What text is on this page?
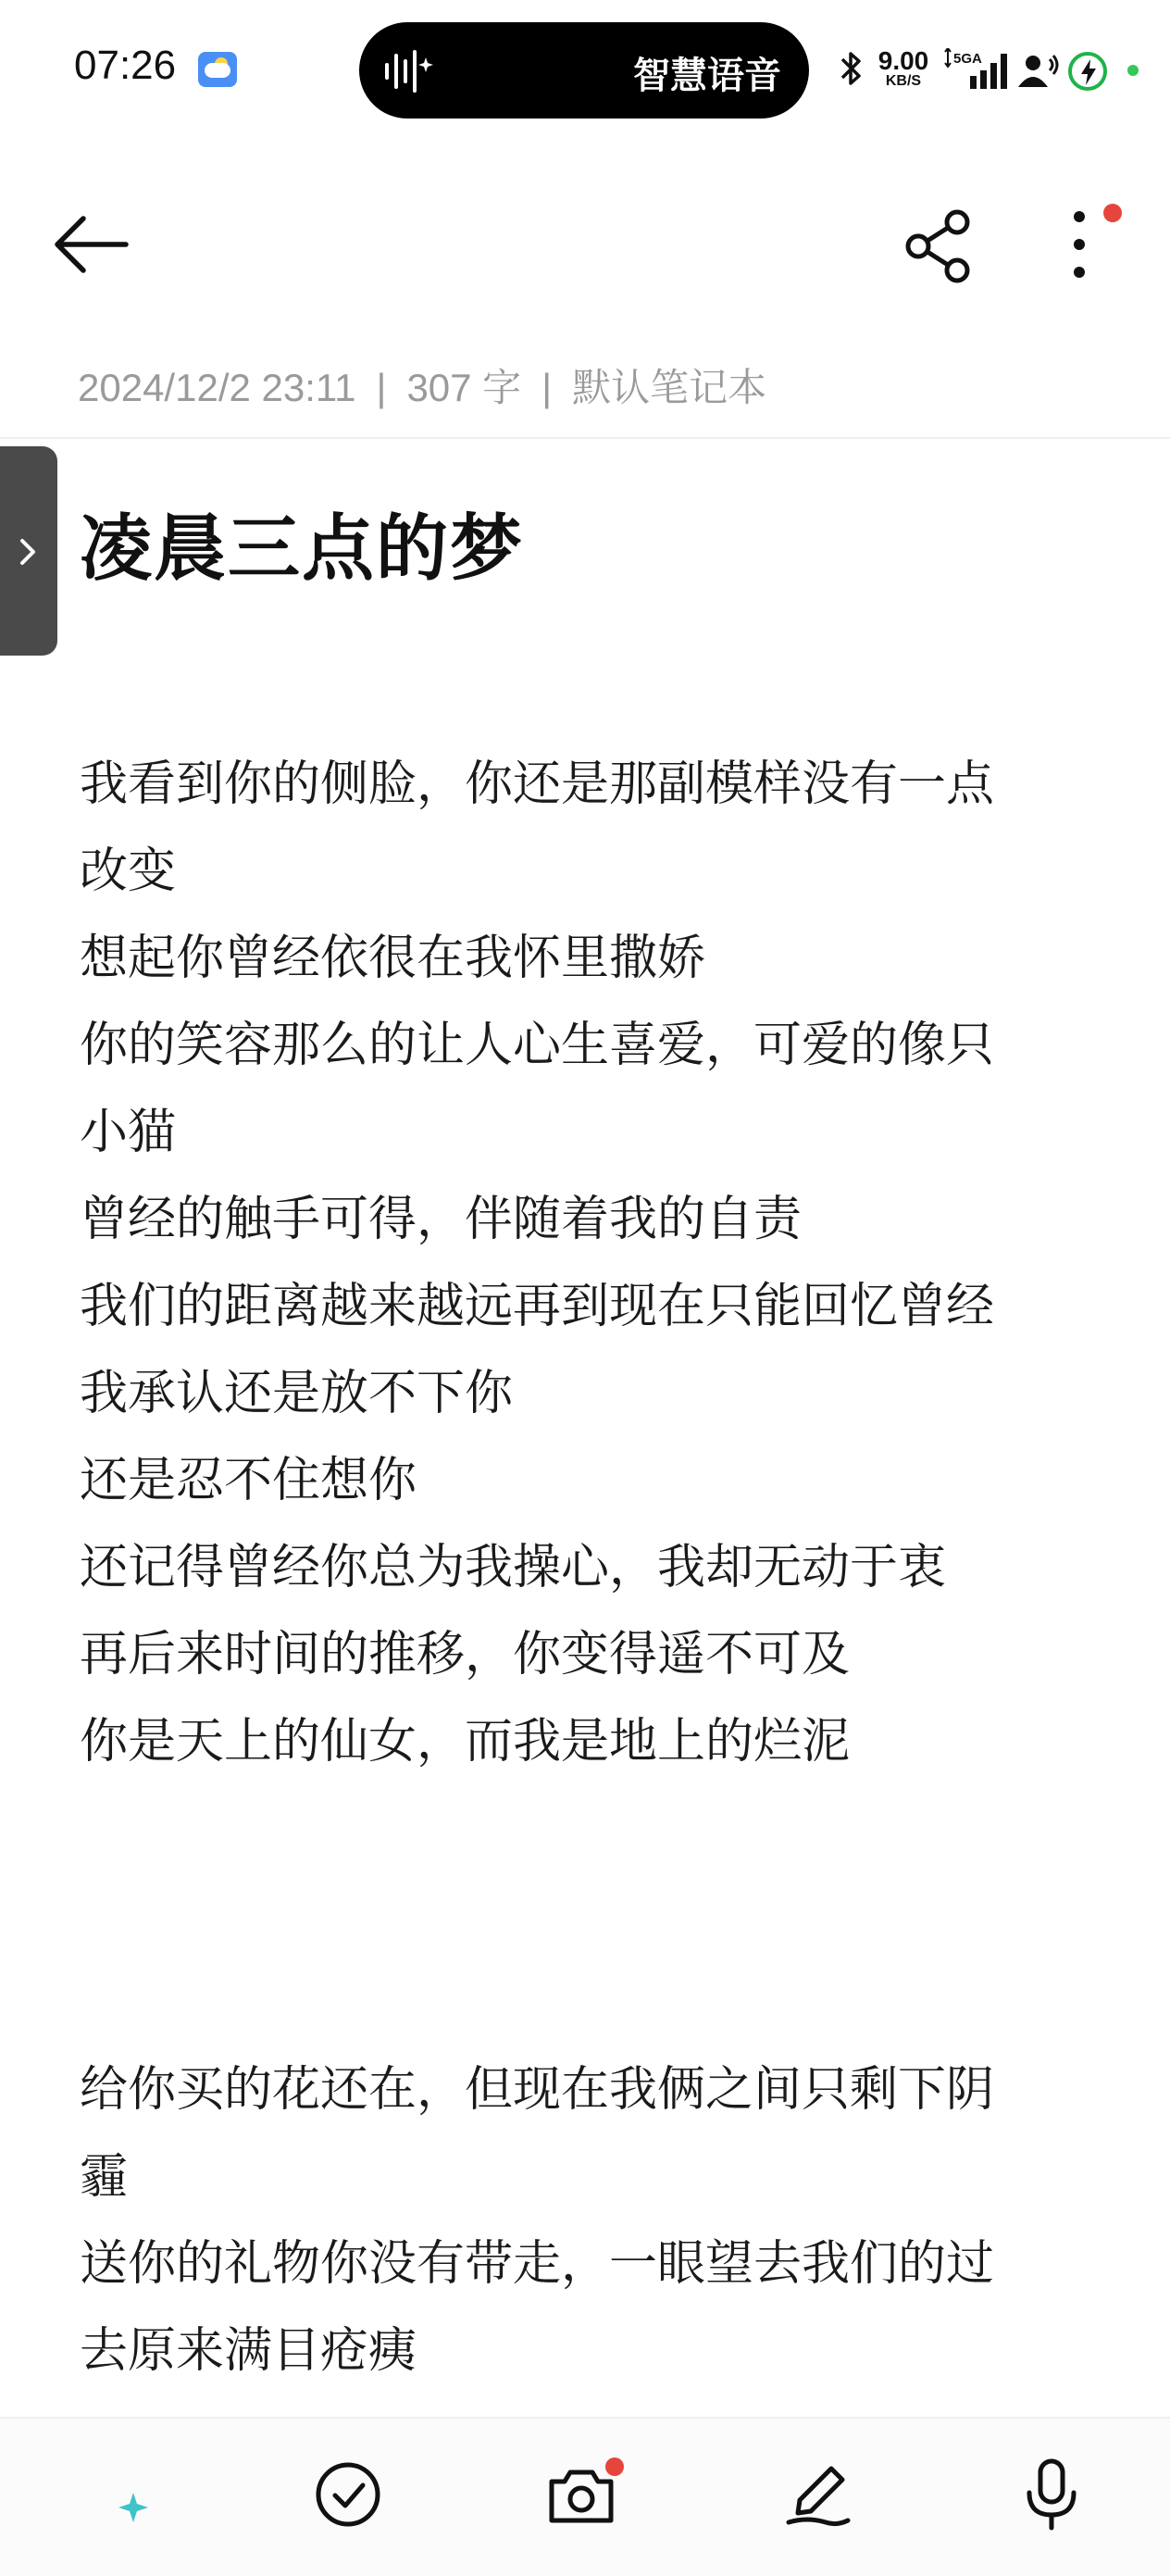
07:26	智慧语音	9.00
KB/S
5GA
2024/12/2 23:11 | 307 字 | 默认笔记本
凌晨三点的梦
我看到你的侧脸，你还是那副模样没有一点
改变
想起你曾经依很在我怀里撒娇
你的笑容那么的让人心生喜爱，可爱的像只
小猫
曾经的触手可得，伴随着我的自责
我们的距离越来越远再到现在只能回忆曾经
我承认还是放不下你
还是忍不住想你
还记得曾经你总为我操心，我却无动于衷
再后来时间的推移，你变得遥不可及
你是天上的仙女，而我是地上的烂泥
给你买的花还在，但现在我俩之间只剩下阴
霾
送你的礼物你没有带走，一眼望去我们的过
去原来满目疮痍
